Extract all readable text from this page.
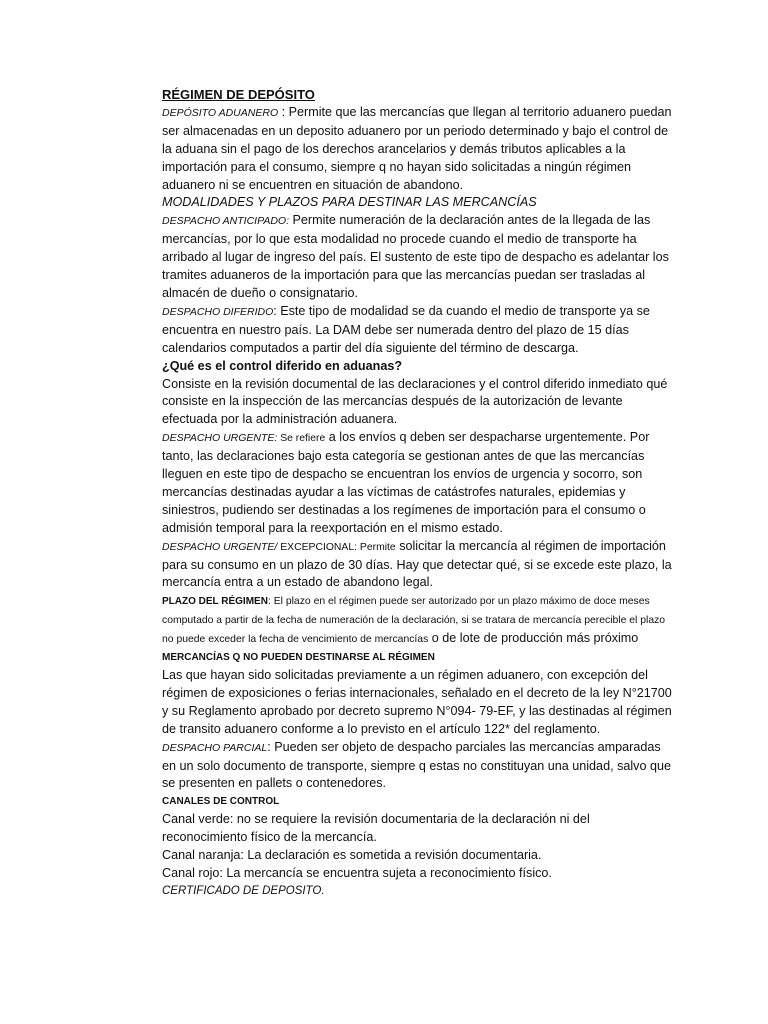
RÉGIMEN DE DEPÓSITO

DEPÓSITO ADUANERO : Permite que las mercancías que llegan al territorio aduanero puedan ser almacenadas en un deposito aduanero por un periodo determinado y bajo el control de la aduana sin el pago de los derechos arancelarios y demás tributos aplicables a la importación para el consumo, siempre q no hayan sido solicitadas a ningún régimen aduanero ni se encuentren en situación de abandono.

MODALIDADES Y PLAZOS PARA DESTINAR LAS MERCANCÍAS

DESPACHO ANTICIPADO: Permite numeración de la declaración antes de la llegada de las mercancías, por lo que esta modalidad no procede cuando el medio de transporte ha arribado al lugar de ingreso del país. El sustento de este tipo de despacho es adelantar los tramites aduaneros de la importación para que las mercancías puedan ser trasladas al almacén de dueño o consignatario.

DESPACHO DIFERIDO: Este tipo de modalidad se da cuando el medio de transporte ya se encuentra en nuestro país. La DAM debe ser numerada dentro del plazo de 15 días calendarios computados a partir del día siguiente del término de descarga.

¿Qué es el control diferido en aduanas?

Consiste en la revisión documental de las declaraciones y el control diferido inmediato qué consiste en la inspección de las mercancías después de la autorización de levante efectuada por la administración aduanera.

DESPACHO URGENTE: Se refiere a los envíos q deben ser despacharse urgentemente. Por tanto, las declaraciones bajo esta categoría se gestionan antes de que las mercancías lleguen en este tipo de despacho se encuentran los envíos de urgencia y socorro, son mercancías destinadas ayudar a las víctimas de catástrofes naturales, epidemias y siniestros, pudiendo ser destinadas a los regímenes de importación para el consumo o admisión temporal para la reexportación en el mismo estado.

DESPACHO URGENTE/ EXCEPCIONAL: Permite solicitar la mercancía al régimen de importación para su consumo en un plazo de 30 días. Hay que detectar qué, si se excede este plazo, la mercancía entra a un estado de abandono legal.

PLAZO DEL RÉGIMEN: El plazo en el régimen puede ser autorizado por un plazo máximo de doce meses computado a partir de la fecha de numeración de la declaración, si se tratara de mercancía perecible el plazo no puede exceder la fecha de vencimiento de mercancías o de lote de producción más próximo

MERCANCÍAS Q NO PUEDEN DESTINARSE AL RÉGIMEN

Las que hayan sido solicitadas previamente a un régimen aduanero, con excepción del régimen de exposiciones o ferias internacionales, señalado en el decreto de la ley N°21700 y su Reglamento aprobado por decreto supremo N°094- 79-EF, y las destinadas al régimen de transito aduanero conforme a lo previsto en el artículo 122* del reglamento.

DESPACHO PARCIAL: Pueden ser objeto de despacho parciales las mercancías amparadas en un solo documento de transporte, siempre q estas no constituyan una unidad, salvo que se presenten en pallets o contenedores.

CANALES DE CONTROL

Canal verde: no se requiere la revisión documentaria de la declaración ni del reconocimiento físico de la mercancía.

Canal naranja: La declaración es sometida a revisión documentaria.

Canal rojo: La mercancía se encuentra sujeta a reconocimiento físico.

CERTIFICADO DE DEPOSITO.
